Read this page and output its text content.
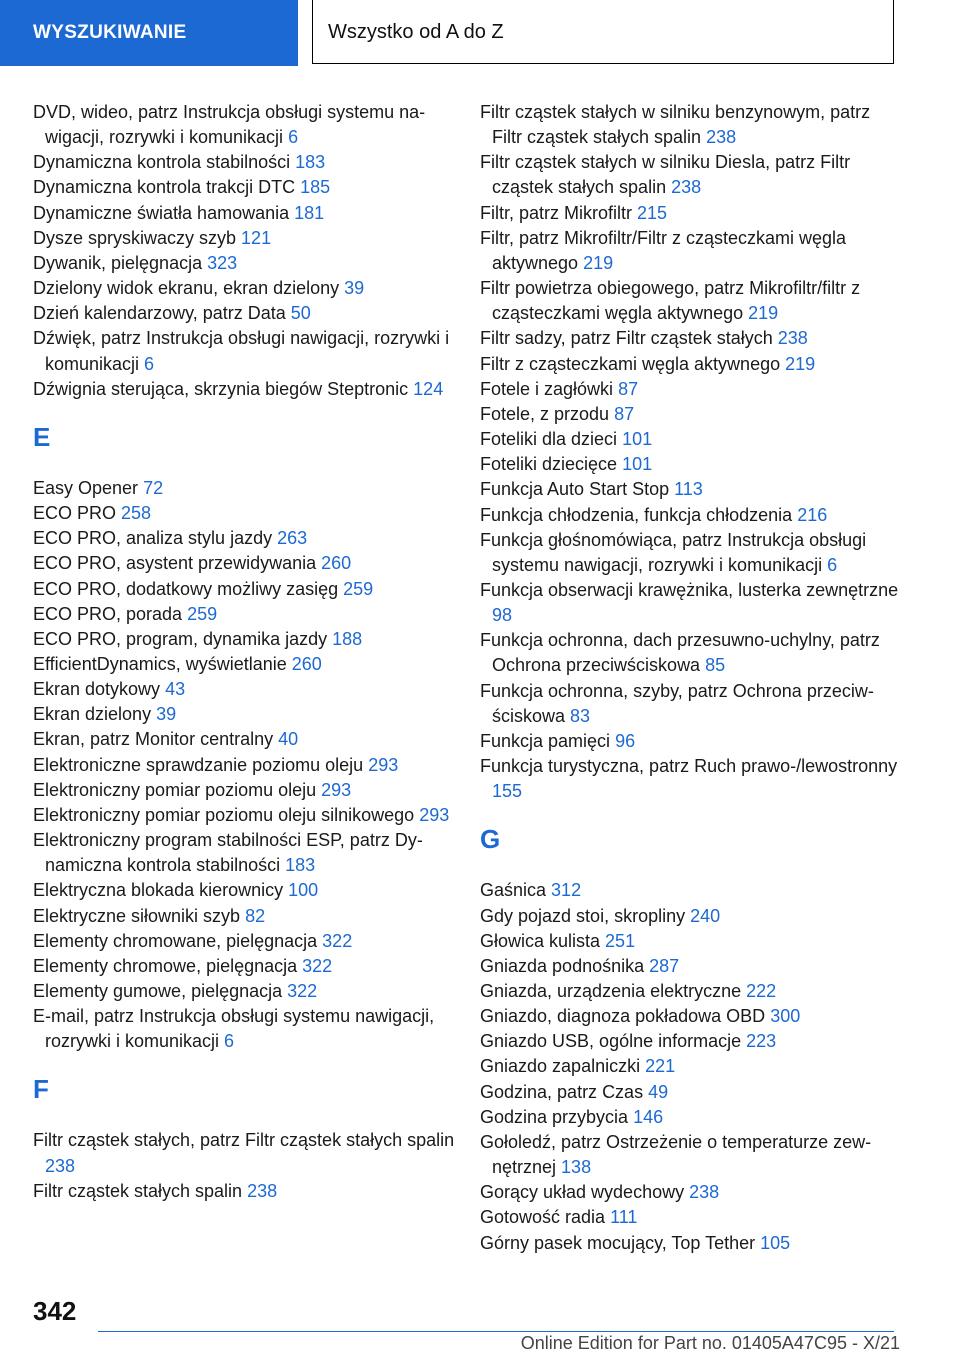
WYSZUKIWANIE	Wszystko od A do Z
DVD, wideo, patrz Instrukcja obsługi systemu nawigacji, rozrywki i komunikacji 6
Dynamiczna kontrola stabilności 183
Dynamiczna kontrola trakcji DTC 185
Dynamiczne światła hamowania 181
Dysze spryskiwaczy szyb 121
Dywanik, pielęgnacja 323
Dzielony widok ekranu, ekran dzielony 39
Dzień kalendarzowy, patrz Data 50
Dźwięk, patrz Instrukcja obsługi nawigacji, rozrywki i komunikacji 6
Dźwignia sterująca, skrzynia biegów Steptronic 124
E
Easy Opener 72
ECO PRO 258
ECO PRO, analiza stylu jazdy 263
ECO PRO, asystent przewidywania 260
ECO PRO, dodatkowy możliwy zasięg 259
ECO PRO, porada 259
ECO PRO, program, dynamika jazdy 188
EfficientDynamics, wyświetlanie 260
Ekran dotykowy 43
Ekran dzielony 39
Ekran, patrz Monitor centralny 40
Elektroniczne sprawdzanie poziomu oleju 293
Elektroniczny pomiar poziomu oleju 293
Elektroniczny pomiar poziomu oleju silnikowego 293
Elektroniczny program stabilności ESP, patrz Dynamiczna kontrola stabilności 183
Elektryczna blokada kierownicy 100
Elektryczne siłowniki szyb 82
Elementy chromowane, pielęgnacja 322
Elementy chromowe, pielęgnacja 322
Elementy gumowe, pielęgnacja 322
E-mail, patrz Instrukcja obsługi systemu nawigacji, rozrywki i komunikacji 6
F
Filtr cząstek stałych, patrz Filtr cząstek stałych spalin 238
Filtr cząstek stałych spalin 238
Filtr cząstek stałych w silniku benzynowym, patrz Filtr cząstek stałych spalin 238
Filtr cząstek stałych w silniku Diesla, patrz Filtr cząstek stałych spalin 238
Filtr, patrz Mikrofiltr 215
Filtr, patrz Mikrofiltr/Filtr z cząsteczkami węgla aktywnego 219
Filtr powietrza obiegowego, patrz Mikrofiltr/filtr z cząsteczkami węgla aktywnego 219
Filtr sadzy, patrz Filtr cząstek stałych 238
Filtr z cząsteczkami węgla aktywnego 219
Fotele i zagłówki 87
Fotele, z przodu 87
Foteliki dla dzieci 101
Foteliki dziecięce 101
Funkcja Auto Start Stop 113
Funkcja chłodzenia, funkcja chłodzenia 216
Funkcja głośnomówiąca, patrz Instrukcja obsługi systemu nawigacji, rozrywki i komunikacji 6
Funkcja obserwacji krawężnika, lusterka zewnętrzne 98
Funkcja ochronna, dach przesuwno-uchylny, patrz Ochrona przeciwściskowa 85
Funkcja ochronna, szyby, patrz Ochrona przeciwściskowa 83
Funkcja pamięci 96
Funkcja turystyczna, patrz Ruch prawo-/lewostronny 155
G
Gaśnica 312
Gdy pojazd stoi, skropliny 240
Głowica kulista 251
Gniazda podnośnika 287
Gniazda, urządzenia elektryczne 222
Gniazdo, diagnoza pokładowa OBD 300
Gniazdo USB, ogólne informacje 223
Gniazdo zapalniczki 221
Godzina, patrz Czas 49
Godzina przybycia 146
Gołoledź, patrz Ostrzeżenie o temperaturze zewnętrznej 138
Gorący układ wydechowy 238
Gotowość radia 111
Górny pasek mocujący, Top Tether 105
342
Online Edition for Part no. 01405A47C95 - X/21
